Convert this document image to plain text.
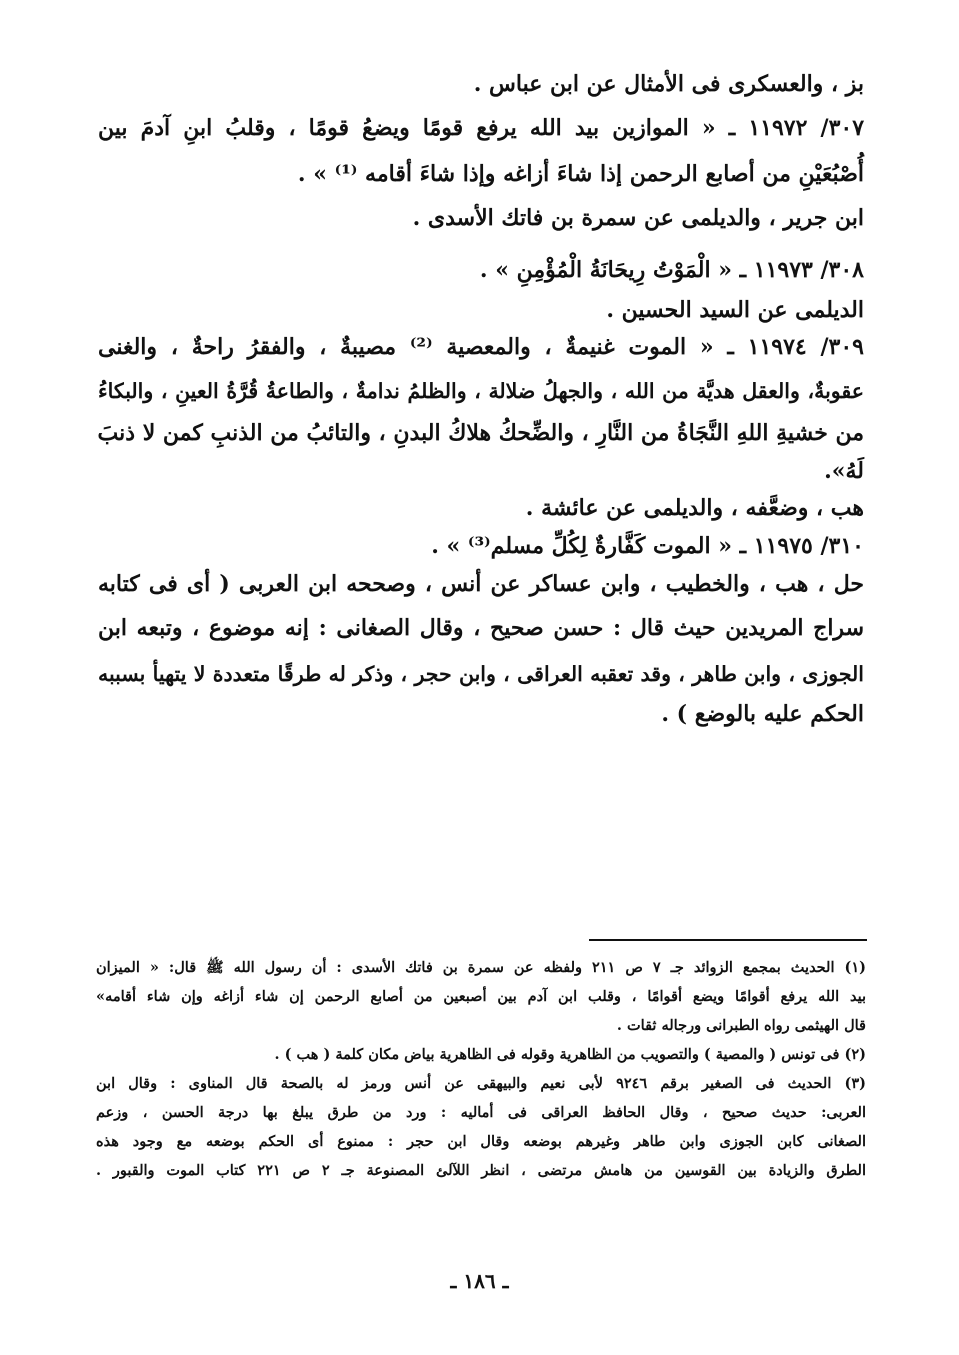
بز ، والعسكرى فى الأمثال عن ابن عباس .
٣٠٧/ ١١٩٧٢ ـ « الموازين بيد الله يرفع قومًا ويضعُ قومًا ، وقلبُ ابنِ آدمَ بين
أُصْبُعَيْنِ من أصابع الرحمن إذا شاءَ أزاغه وإذا شاءَ أقامه ⁽¹⁾ » .
ابن جرير ، والديلمى عن سمرة بن فاتك الأسدى .
٣٠٨/ ١١٩٧٣ ـ « الْمَوْتُ رِيحَانَةُ الْمُؤْمِنِ » .
الديلمى عن السيد الحسين .
٣٠٩/ ١١٩٧٤ ـ « الموت غنيمةٌ ، والمعصية ⁽²⁾ مصيبةٌ ، والفقرُ راحةٌ ، والغنى
عقوبةٌ، والعقل هديَّة من الله ، والجهلُ ضلالة ، والظلمُ ندامةٌ ، والطاعةُ قُرَّةُ العينِ ، والبكاءُ
من خشيةِ اللهِ النَّجَاةُ من النَّارِ ، والضِّحكُ هلاكُ البدنِ ، والتائبُ من الذنبِ كمن لا ذنبَ
لَهُ».
هب ، وضعَّفه ، والديلمى عن عائشة .
٣١٠/ ١١٩٧٥ ـ « الموت كَفَّارةٌ لِكُلِّ مسلم⁽³⁾ » .
حل ، هب ، والخطيب ، وابن عساكر عن أنس ، وصححه ابن العربى ( أى فى كتابه
سراج المريدين حيث قال : حسن صحيح ، وقال الصغانى : إنه موضوع ، وتبعه ابن
الجوزى ، وابن طاهر ، وقد تعقبه العراقى ، وابن حجر ، وذكر له طرقًا متعددة لا يتهيأ بسببه
الحكم عليه بالوضع ) .
(١) الحديث بمجمع الزوائد جـ ٧ ص ٢١١ ولفظه عن سمرة بن فاتك الأسدى : أن رسول الله ﷺ قال: « الميزان
بيد الله يرفع أقوامًا ويضع أقوامًا ، وقلب ابن آدم بين أصبعين من أصابع الرحمن إن شاء أزاغه وإن شاء أقامه»
قال الهيثمى رواه الطبرانى ورجاله ثقات .
(٢) فى تونس ( والمصية ) والتصويب من الظاهرية وقوله فى الظاهرية بياض مكان كلمة ( هب ) .
(٣) الحديث فى الصغير برقم ٩٢٤٦ لأبى نعيم والبيهقى عن أنس ورمز له بالصحة قال المناوى : وقال ابن
العربى: حديث صحيح ، وقال الحافظ العراقى فى أماليه : ورد من طرق يبلغ بها درجة الحسن ، وزعم
الصغانى كابن الجوزى وابن طاهر وغيرهم بوضعه وقال ابن حجر : ممنوع أى الحكم بوضعه مع وجود هذه
الطرق والزيادة بين القوسين من هامش مرتضى ، انظر اللآلئ المصنوعة جـ ٢ ص ٢٢١ كتاب الموت والقبور .
ـ ١٨٦ ـ
